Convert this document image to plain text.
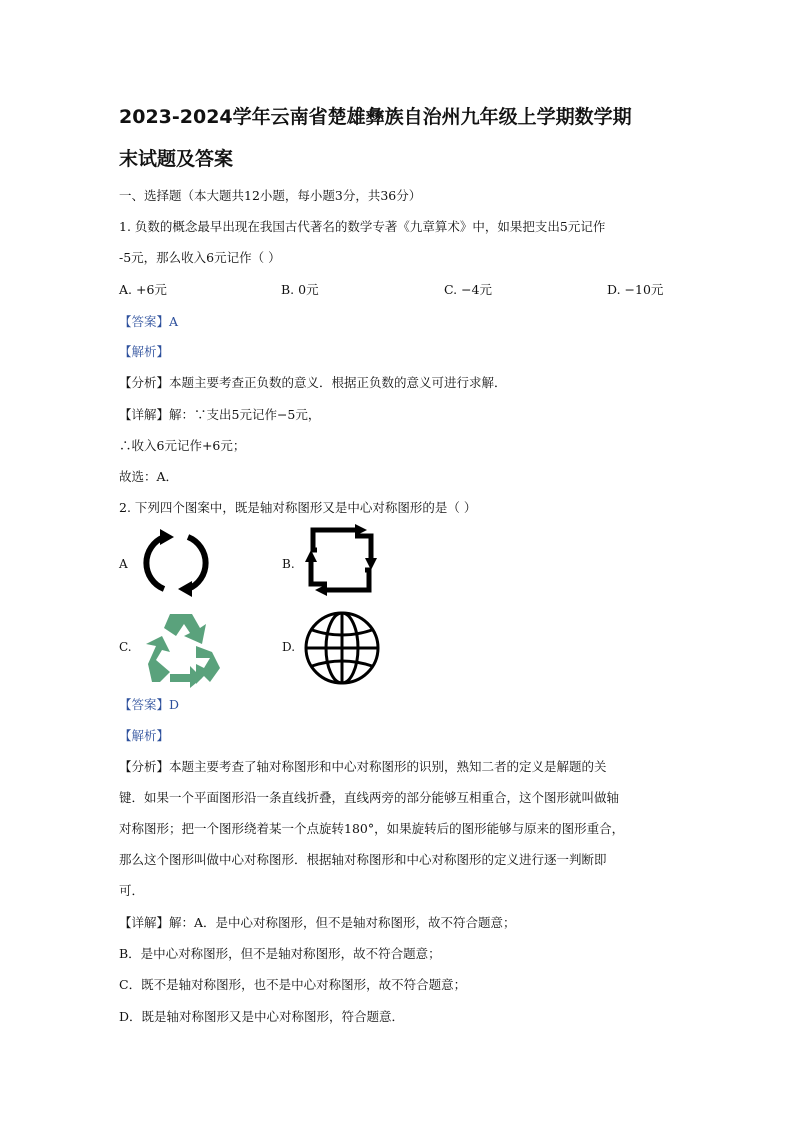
2023-2024学年云南省楚雄彝族自治州九年级上学期数学期
末试题及答案
一、选择题（本大题共12小题，每小题3分，共36分）
1. 负数的概念最早出现在我国古代著名的数学专著《九章算术》中，如果把支出5元记作
-5元，那么收入6元记作（ ）
A. +6元	B. 0元	C. −4元	D. −10元
【答案】A
【解析】
【分析】本题主要考查正负数的意义．根据正负数的意义可进行求解．
【详解】解：∵支出5元记作−5元，
∴收入6元记作+6元；
故选：A．
2. 下列四个图案中，既是轴对称图形又是中心对称图形的是（ ）
A	B.
C.	D.
【答案】D
【解析】
【分析】本题主要考查了轴对称图形和中心对称图形的识别，熟知二者的定义是解题的关
键．如果一个平面图形沿一条直线折叠，直线两旁的部分能够互相重合，这个图形就叫做轴
对称图形；把一个图形绕着某一个点旋转180°，如果旋转后的图形能够与原来的图形重合，
那么这个图形叫做中心对称图形．根据轴对称图形和中心对称图形的定义进行逐一判断即
可．
【详解】解：A．是中心对称图形，但不是轴对称图形，故不符合题意；
B．是中心对称图形，但不是轴对称图形，故不符合题意；
C．既不是轴对称图形，也不是中心对称图形，故不符合题意；
D．既是轴对称图形又是中心对称图形，符合题意．
